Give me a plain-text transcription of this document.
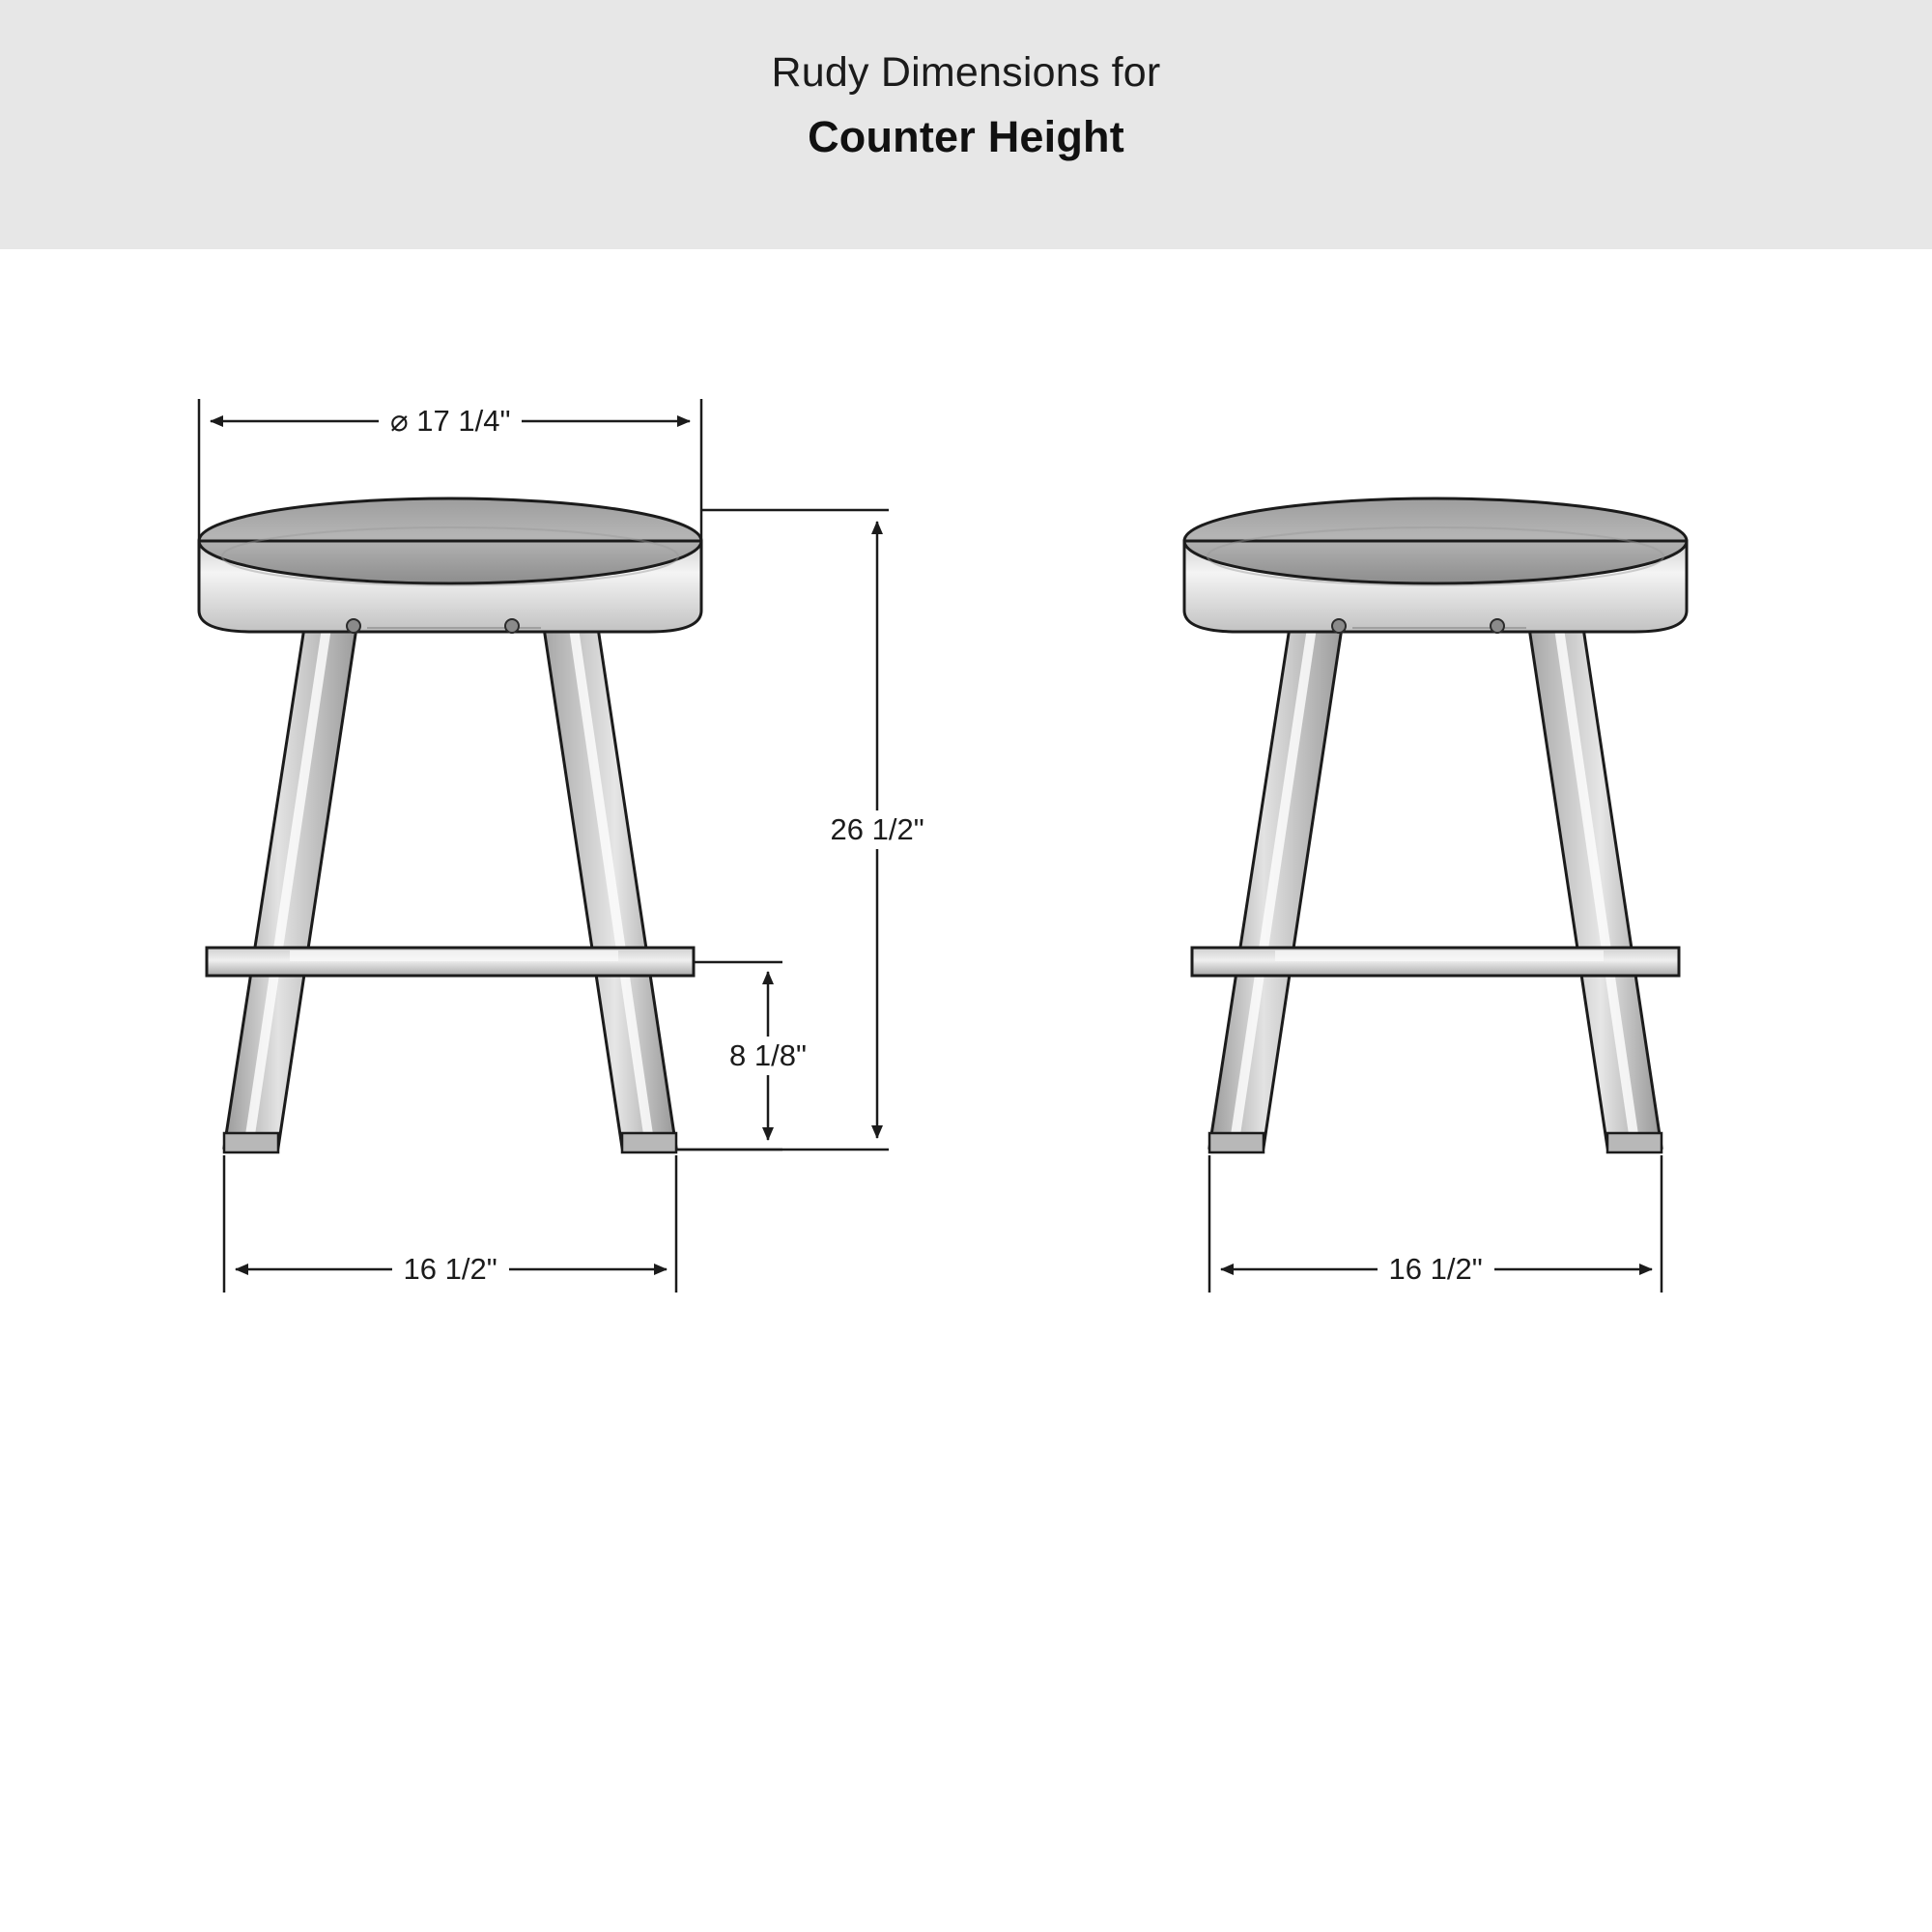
Rudy Dimensions for
Counter Height
⌀ 17 1/4"
16 1/2"
26 1/2"
8 1/8"
16 1/2"
